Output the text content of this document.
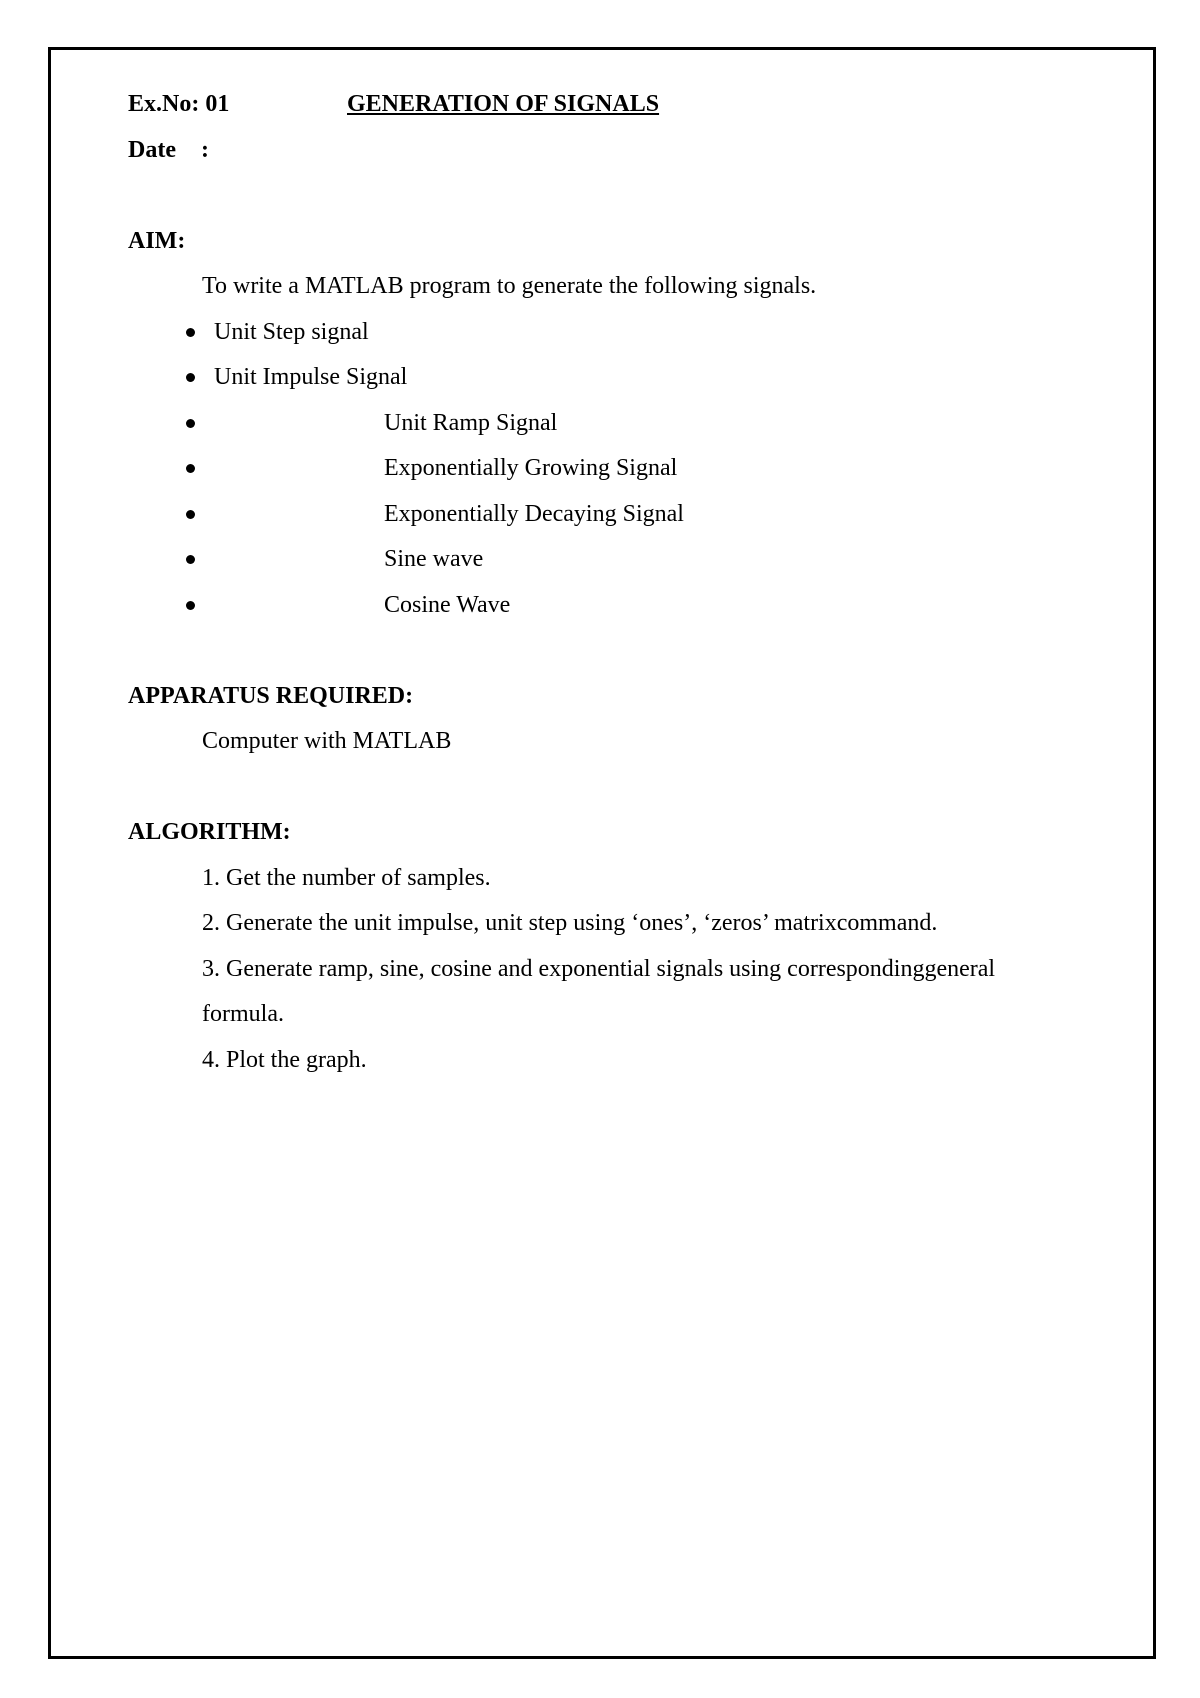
Ex.No: 01	GENERATION OF SIGNALS
Date :
AIM:
To write a MATLAB program to generate the following signals.
Unit Step signal
Unit Impulse Signal
Unit Ramp Signal
Exponentially Growing Signal
Exponentially Decaying Signal
Sine wave
Cosine Wave
APPARATUS REQUIRED:
Computer with MATLAB
ALGORITHM:
1. Get the number of samples.
2. Generate the unit impulse, unit step using ‘ones’, ‘zeros’ matrixcommand.
3. Generate ramp, sine, cosine and exponential signals using correspondinggeneral
formula.
4. Plot the graph.
